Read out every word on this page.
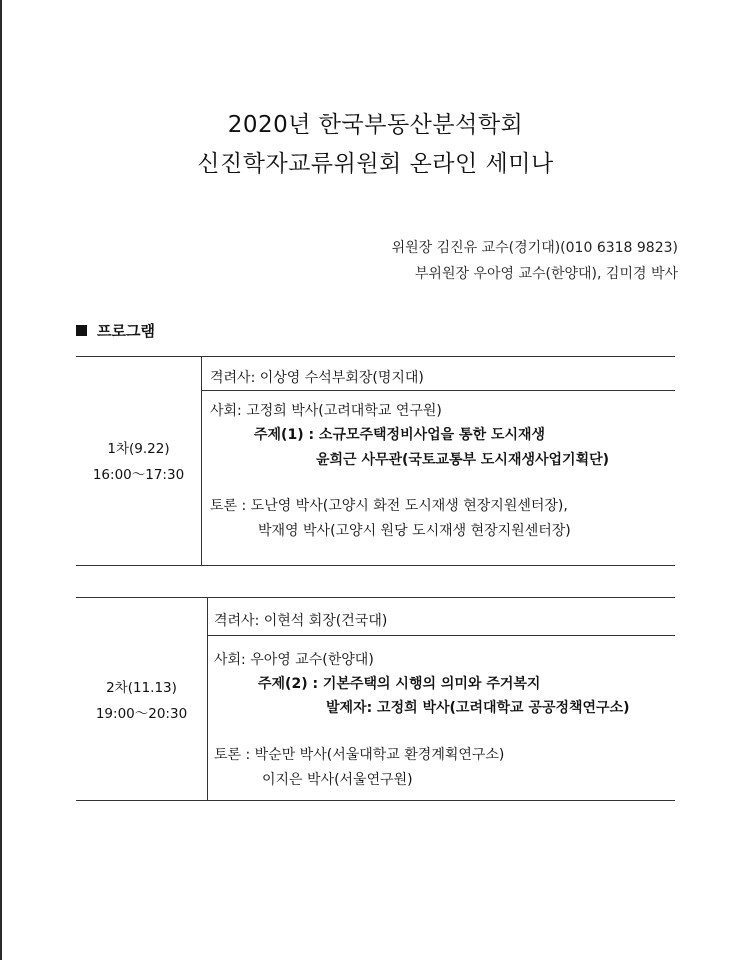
2020년 한국부동산분석학회
신진학자교류위원회 온라인 세미나
위원장 김진유 교수(경기대)(010 6318 9823)
부위원장 우아영 교수(한양대), 김미경 박사
프로그램
1차(9.22)
16:00～17:30
격려사: 이상영 수석부회장(명지대)
사회: 고정희 박사(고려대학교 연구원)
주제(1) : 소규모주택정비사업을 통한 도시재생
윤희근 사무관(국토교통부 도시재생사업기획단)
토론 : 도난영 박사(고양시 화전 도시재생 현장지원센터장),
박재영 박사(고양시 원당 도시재생 현장지원센터장)
2차(11.13)
19:00～20:30
격려사: 이현석 회장(건국대)
사회: 우아영 교수(한양대)
주제(2) : 기본주택의 시행의 의미와 주거복지
발제자: 고정희 박사(고려대학교 공공정책연구소)
토론 : 박순만 박사(서울대학교 환경계획연구소)
이지은 박사(서울연구원)
